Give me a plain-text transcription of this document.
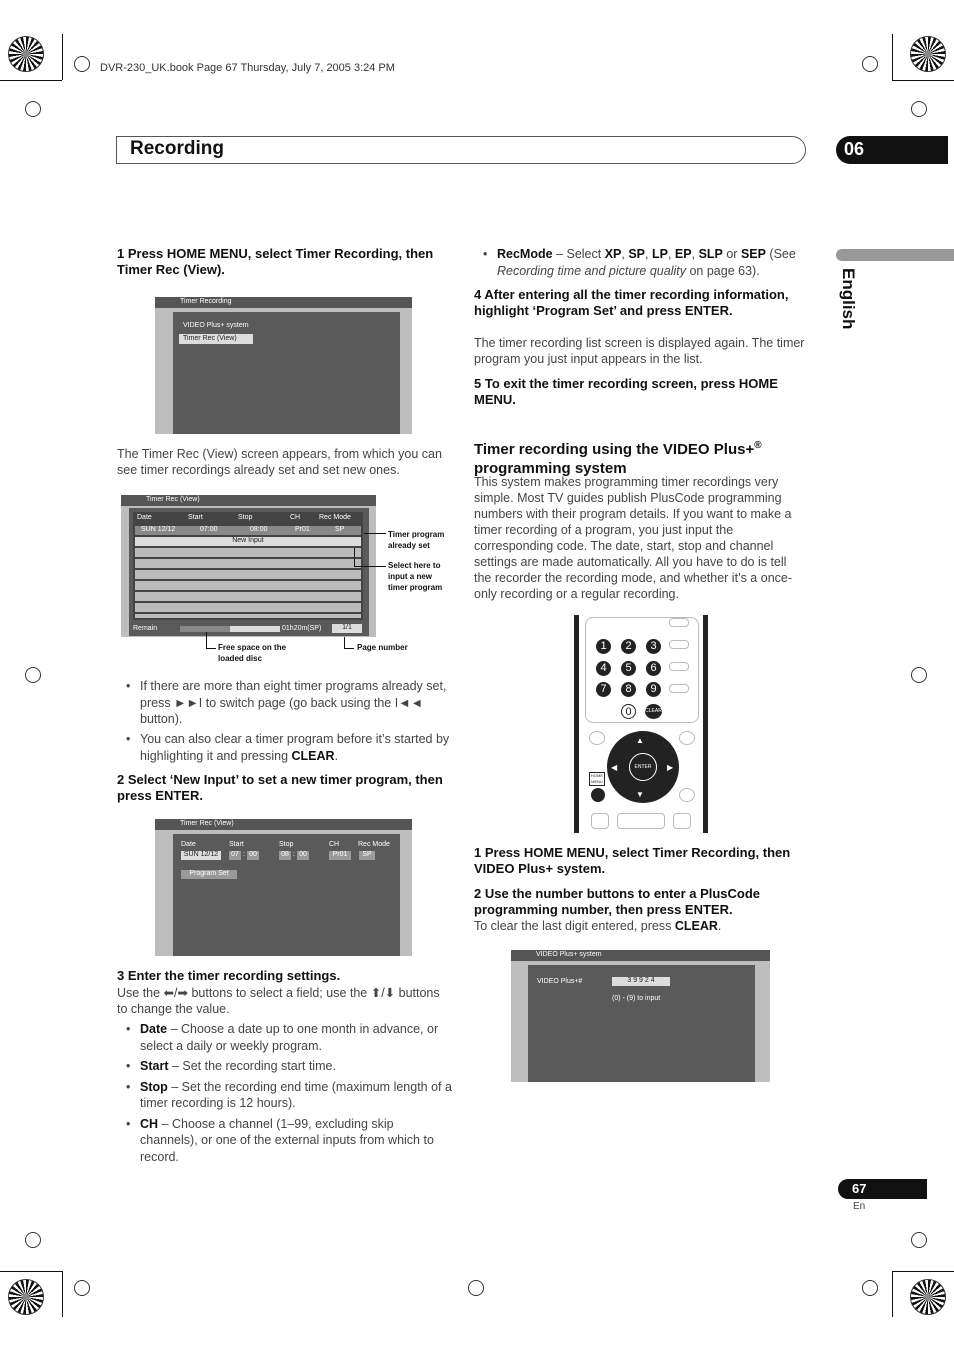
DVR-230_UK.book Page 67 Thursday, July 7, 2005 3:24 PM
Recording	06
English
1 Press HOME MENU, select Timer Recording, then Timer Rec (View).
Timer Recording
VIDEO Plus+ system
Timer Rec (View)
The Timer Rec (View) screen appears, from which you can see timer recordings already set and set new ones.
Timer Rec (View)
Date	Start	Stop	CH	Rec Mode
SUN 12/12	07:00	08:00	Pr01	SP
New Input
Remain	01h20m(SP)	1/1
Timer program already set
Select here to input a new timer program
Free space on the loaded disc
Page number
• If there are more than eight timer programs already set, press ►►I to switch page (go back using the I◄◄ button).
• You can also clear a timer program before it’s started by highlighting it and pressing CLEAR.
2 Select ‘New Input’ to set a new timer program, then press ENTER.
Timer Rec (View)
Date	Start	Stop	CH	Rec Mode
SUN 12/12	07 : 00	08 : 00	Pr01	SP
Program Set
3 Enter the timer recording settings.
Use the ⬅/➡ buttons to select a field; use the ⬆/⬇ buttons to change the value.
• Date – Choose a date up to one month in advance, or select a daily or weekly program.
• Start – Set the recording start time.
• Stop – Set the recording end time (maximum length of a timer recording is 12 hours).
• CH – Choose a channel (1–99, excluding skip channels), or one of the external inputs from which to record.
• RecMode – Select XP, SP, LP, EP, SLP or SEP (See Recording time and picture quality on page 63).
4 After entering all the timer recording information, highlight ‘Program Set’ and press ENTER.
The timer recording list screen is displayed again. The timer program you just input appears in the list.
5 To exit the timer recording screen, press HOME MENU.
Timer recording using the VIDEO Plus+®
programming system
This system makes programming timer recordings very simple. Most TV guides publish PlusCode programming numbers with their program details. If you want to make a timer recording of a program, you just input the corresponding code. The date, start, stop and channel settings are made automatically. All you have to do is tell the recorder the recording mode, and whether it’s a once-only recording or a regular recording.
1	2	3
4	5	6
7	8	9
0	CLEAR
▲
▼
◀	▶
ENTER
HOME MENU
1 Press HOME MENU, select Timer Recording, then VIDEO Plus+ system.
2 Use the number buttons to enter a PlusCode programming number, then press ENTER.
To clear the last digit entered, press CLEAR.
VIDEO Plus+ system
VIDEO Plus+#	3 9 9 2 4
(0) - (9) to input
67
En
